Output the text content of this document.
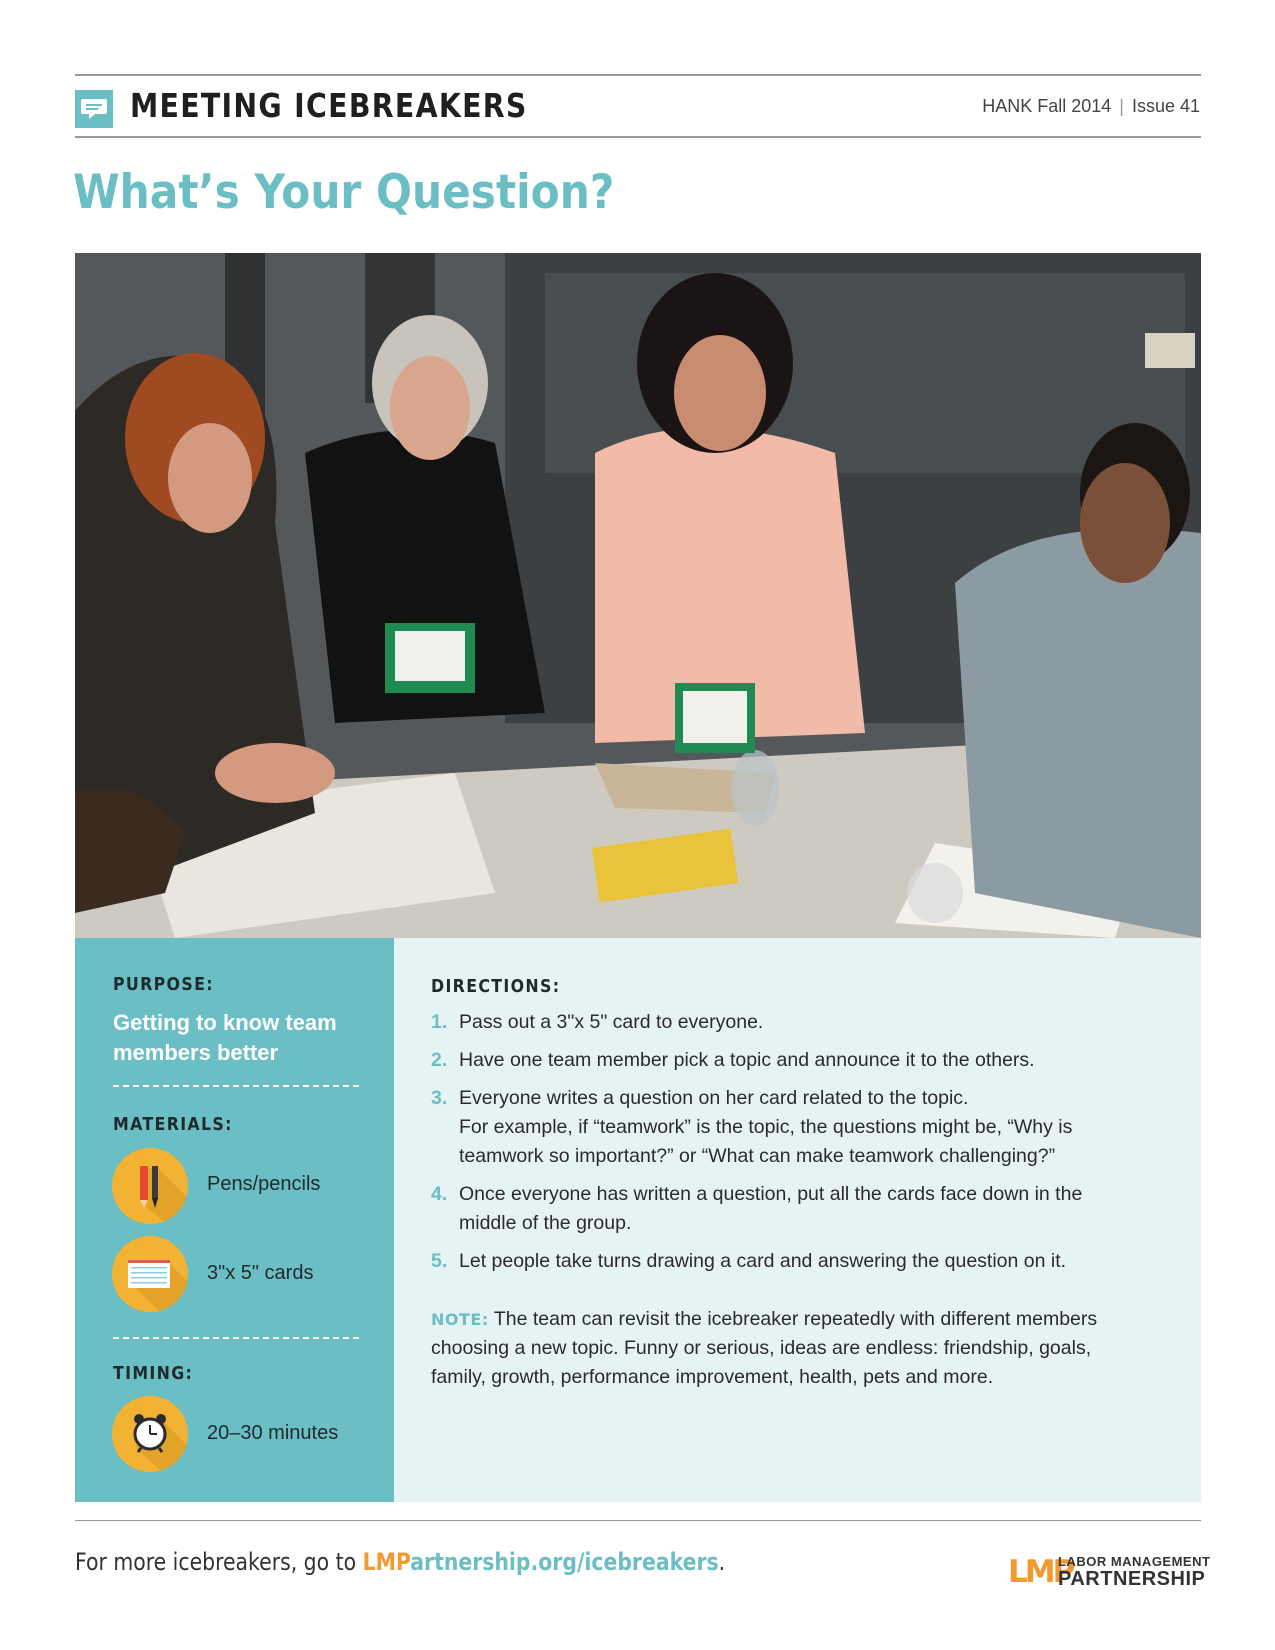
MEETING ICEBREAKERS	HANK Fall 2014 | Issue 41
What’s Your Question?
PURPOSE:
Getting to know team
members better
MATERIALS:
Pens/pencils
3"x 5" cards
TIMING:
20–30 minutes
DIRECTIONS:
1. Pass out a 3"x 5" card to everyone.
2. Have one team member pick a topic and announce it to the others.
3. Everyone writes a question on her card related to the topic.
For example, if “teamwork” is the topic, the questions might be, “Why is
teamwork so important?” or “What can make teamwork challenging?”
4. Once everyone has written a question, put all the cards face down in the
middle of the group.
5. Let people take turns drawing a card and answering the question on it.
NOTE: The team can revisit the icebreaker repeatedly with different members
choosing a new topic. Funny or serious, ideas are endless: friendship, goals,
family, growth, performance improvement, health, pets and more.
For more icebreakers, go to LMPartnership.org/icebreakers.	LMP
LABOR MANAGEMENT
PARTNERSHIP
